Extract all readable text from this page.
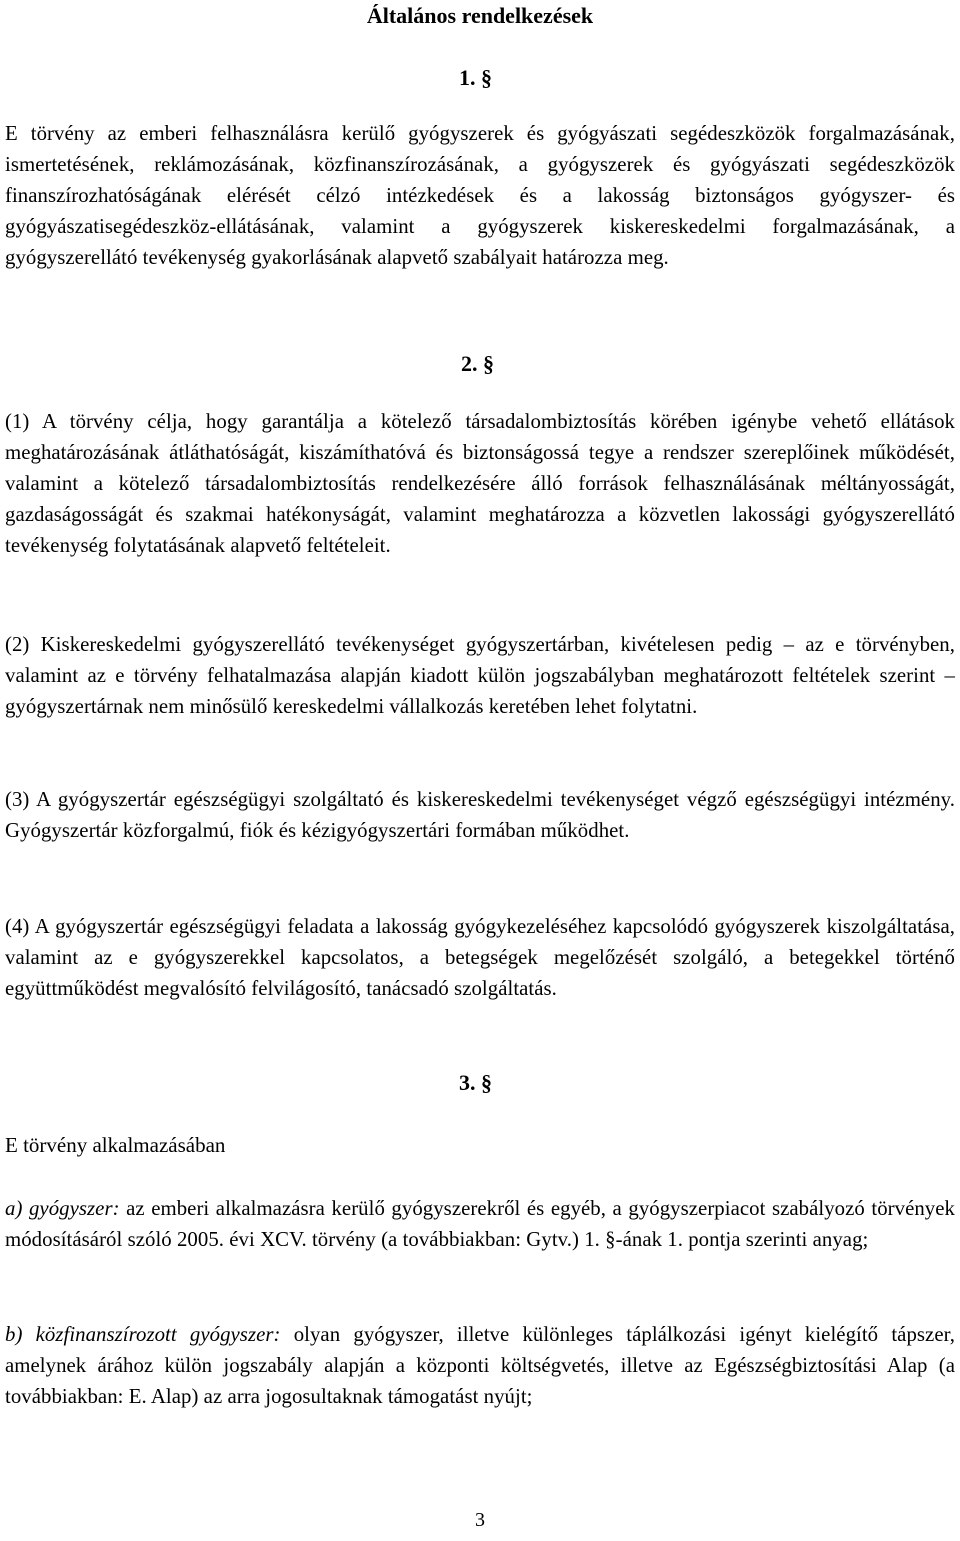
Általános rendelkezések

1. §

E törvény az emberi felhasználásra kerülő gyógyszerek és gyógyászati segédeszközök forgalmazásának, ismertetésének, reklámozásának, közfinanszírozásának, a gyógyszerek és gyógyászati segédeszközök finanszírozhatóságának elérését célzó intézkedések és a lakosság biztonságos gyógyszer- és gyógyászatisegédeszköz-ellátásának, valamint a gyógyszerek kiskereskedelmi forgalmazásának, a gyógyszerellátó tevékenység gyakorlásának alapvető szabályait határozza meg.

2. §

(1) A törvény célja, hogy garantálja a kötelező társadalombiztosítás körében igénybe vehető ellátások meghatározásának átláthatóságát, kiszámíthatóvá és biztonságossá tegye a rendszer szereplőinek működését, valamint a kötelező társadalombiztosítás rendelkezésére álló források felhasználásának méltányosságát, gazdaságosságát és szakmai hatékonyságát, valamint meghatározza a közvetlen lakossági gyógyszerellátó tevékenység folytatásának alapvető feltételeit.

(2) Kiskereskedelmi gyógyszerellátó tevékenységet gyógyszertárban, kivételesen pedig – az e törvényben, valamint az e törvény felhatalmazása alapján kiadott külön jogszabályban meghatározott feltételek szerint – gyógyszertárnak nem minősülő kereskedelmi vállalkozás keretében lehet folytatni.

(3) A gyógyszertár egészségügyi szolgáltató és kiskereskedelmi tevékenységet végző egészségügyi intézmény. Gyógyszertár közforgalmú, fiók és kézigyógyszertári formában működhet.

(4) A gyógyszertár egészségügyi feladata a lakosság gyógykezeléséhez kapcsolódó gyógyszerek kiszolgáltatása, valamint az e gyógyszerekkel kapcsolatos, a betegségek megelőzését szolgáló, a betegekkel történő együttműködést megvalósító felvilágosító, tanácsadó szolgáltatás.

3. §

E törvény alkalmazásában

a) gyógyszer: az emberi alkalmazásra kerülő gyógyszerekről és egyéb, a gyógyszerpiacot szabályozó törvények módosításáról szóló 2005. évi XCV. törvény (a továbbiakban: Gytv.) 1. §-ának 1. pontja szerinti anyag;

b) közfinanszírozott gyógyszer: olyan gyógyszer, illetve különleges táplálkozási igényt kielégítő tápszer, amelynek árához külön jogszabály alapján a központi költségvetés, illetve az Egészségbiztosítási Alap (a továbbiakban: E. Alap) az arra jogosultaknak támogatást nyújt;

3
